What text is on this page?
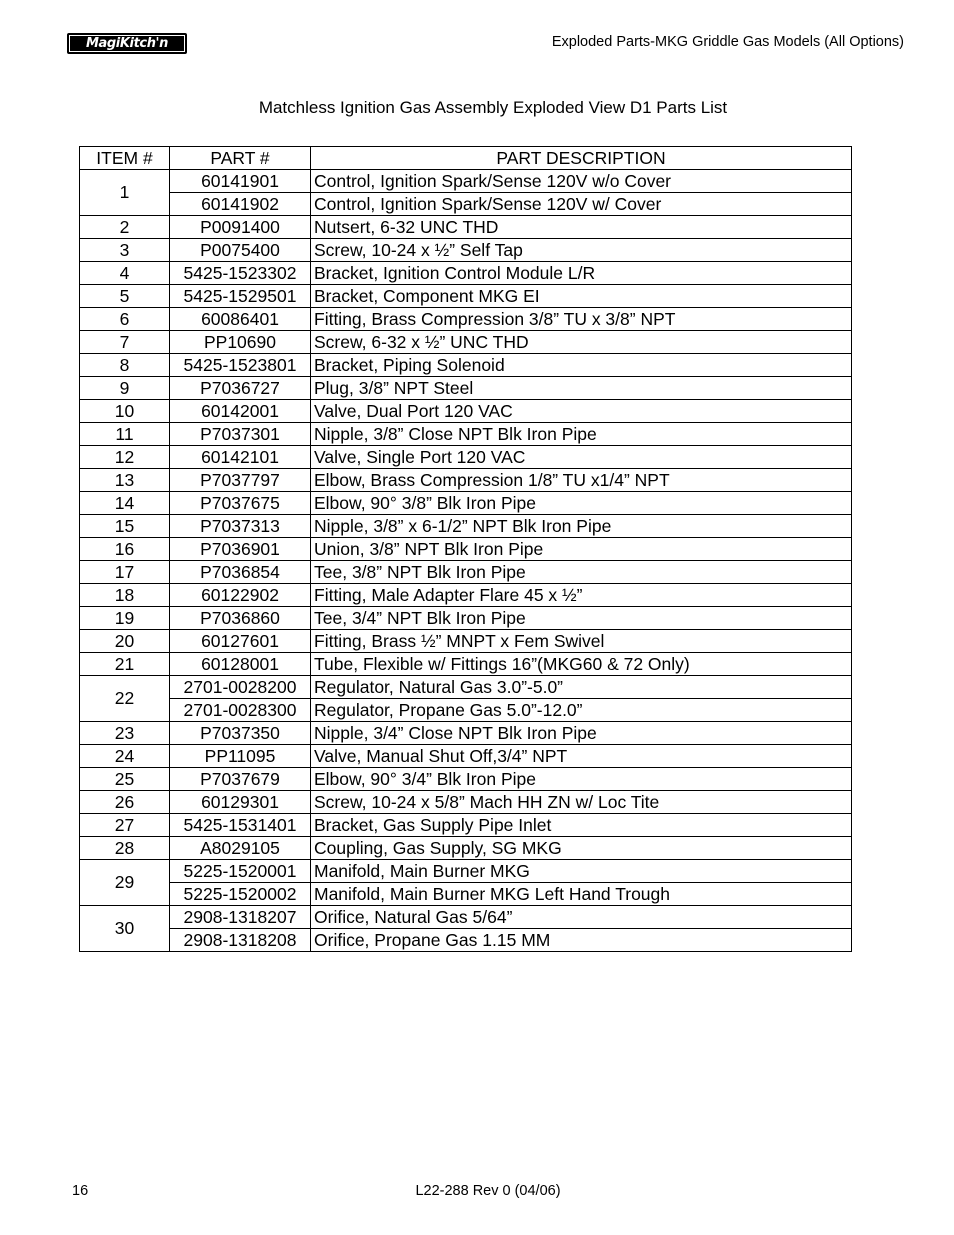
MagiKitch'n	Exploded Parts-MKG Griddle Gas Models (All Options)
Matchless Ignition Gas Assembly Exploded View D1 Parts List
ITEM #	PART #	PART DESCRIPTION
1	60141901	Control, Ignition Spark/Sense 120V w/o Cover
	60141902	Control, Ignition Spark/Sense 120V w/ Cover
2	P0091400	Nutsert, 6-32 UNC THD
3	P0075400	Screw, 10-24 x ½” Self Tap
4	5425-1523302	Bracket, Ignition Control Module L/R
5	5425-1529501	Bracket, Component MKG EI
6	60086401	Fitting, Brass Compression 3/8” TU x 3/8” NPT
7	PP10690	Screw, 6-32 x ½” UNC THD
8	5425-1523801	Bracket, Piping Solenoid
9	P7036727	Plug, 3/8” NPT Steel
10	60142001	Valve, Dual Port 120 VAC
11	P7037301	Nipple, 3/8” Close NPT Blk Iron Pipe
12	60142101	Valve, Single Port 120 VAC
13	P7037797	Elbow, Brass Compression 1/8” TU x1/4” NPT
14	P7037675	Elbow, 90° 3/8” Blk Iron Pipe
15	P7037313	Nipple, 3/8” x 6-1/2” NPT Blk Iron Pipe
16	P7036901	Union, 3/8” NPT Blk Iron Pipe
17	P7036854	Tee, 3/8” NPT Blk Iron Pipe
18	60122902	Fitting, Male Adapter Flare 45 x ½”
19	P7036860	Tee, 3/4” NPT Blk Iron Pipe
20	60127601	Fitting, Brass ½” MNPT x Fem Swivel
21	60128001	Tube, Flexible w/ Fittings 16”(MKG60 & 72 Only)
22	2701-0028200	Regulator, Natural Gas 3.0”-5.0”
	2701-0028300	Regulator, Propane Gas 5.0”-12.0”
23	P7037350	Nipple, 3/4” Close NPT Blk Iron Pipe
24	PP11095	Valve, Manual Shut Off,3/4” NPT
25	P7037679	Elbow, 90° 3/4” Blk Iron Pipe
26	60129301	Screw, 10-24 x 5/8” Mach HH ZN w/ Loc Tite
27	5425-1531401	Bracket, Gas Supply Pipe Inlet
28	A8029105	Coupling, Gas Supply, SG MKG
29	5225-1520001	Manifold, Main Burner MKG
	5225-1520002	Manifold, Main Burner MKG Left Hand Trough
30	2908-1318207	Orifice, Natural Gas 5/64”
	2908-1318208	Orifice, Propane Gas 1.15 MM
16	L22-288 Rev 0 (04/06)
